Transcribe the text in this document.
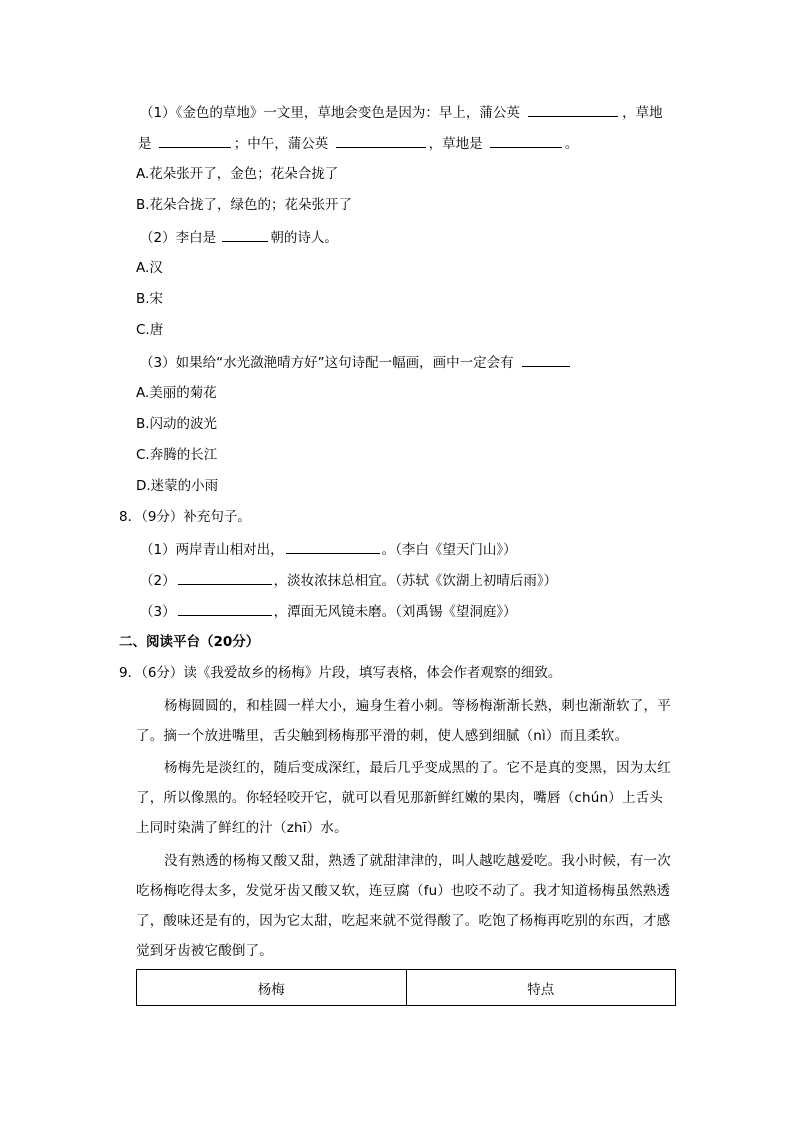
（1）《金色的草地》一文里，草地会变色是因为：早上，蒲公英	，草地
是	；中午，蒲公英	，草地是	。
A.花朵张开了，金色；花朵合拢了
B.花朵合拢了，绿色的；花朵张开了
（2）李白是	朝的诗人。
A.汉
B.宋
C.唐
（3）如果给“水光潋滟晴方好”这句诗配一幅画，画中一定会有
A.美丽的菊花
B.闪动的波光
C.奔腾的长江
D.迷蒙的小雨
8．（9分）补充句子。
（1）两岸青山相对出，	。（李白《望天门山》）
（2）	，淡妆浓抹总相宜。（苏轼《饮湖上初晴后雨》）
（3）	，潭面无风镜未磨。（刘禹锡《望洞庭》）
二、阅读平台（20分）
9．（6分）读《我爱故乡的杨梅》片段，填写表格，体会作者观察的细致。
杨梅圆圆的，和桂圆一样大小，遍身生着小刺。等杨梅渐渐长熟，刺也渐渐软了，平了。摘一个放进嘴里，舌尖触到杨梅那平滑的刺，使人感到细腻（nì）而且柔软。
杨梅先是淡红的，随后变成深红，最后几乎变成黑的了。它不是真的变黑，因为太红了，所以像黑的。你轻轻咬开它，就可以看见那新鲜红嫩的果肉，嘴唇（chún）上舌头上同时染满了鲜红的汁（zhī）水。
没有熟透的杨梅又酸又甜，熟透了就甜津津的，叫人越吃越爱吃。我小时候，有一次吃杨梅吃得太多，发觉牙齿又酸又软，连豆腐（fu）也咬不动了。我才知道杨梅虽然熟透了，酸味还是有的，因为它太甜，吃起来就不觉得酸了。吃饱了杨梅再吃别的东西，才感觉到牙齿被它酸倒了。
杨梅	特点
